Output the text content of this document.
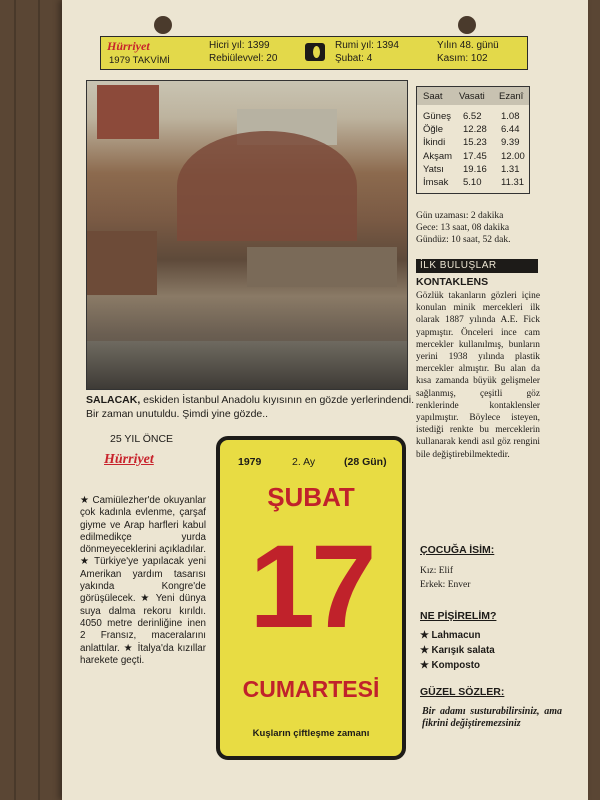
Hürriyet
1979 TAKVİMİ
Hicri yıl: 1399
Rebiülevvel: 20
Rumi yıl: 1394
Şubat: 4
Yılın 48. günü
Kasım: 102
SALACAK, eskiden İstanbul Anadolu kıyısının en gözde yerlerindendi. Bir zaman unutuldu. Şimdi yine gözde..
Saat Vasati Ezanî
Güneş 6.52 1.08
Öğle 12.28 6.44
İkindi 15.23 9.39
Akşam 17.45 12.00
Yatsı 19.16 1.31
İmsak 5.10 11.31
Gün uzaması: 2 dakika
Gece: 13 saat, 08 dakika
Gündüz: 10 saat, 52 dak.
İLK BULUŞLAR
KONTAKLENS
Gözlük takanların gözleri içine konulan minik mercekleri ilk olarak 1887 yılında A.E. Fick yapmıştır. Önceleri ince cam mercekler kullanılmış, bunların yerini 1938 yılında plastik mercekler almıştır. Bu alan da kısa zamanda büyük gelişmeler sağlanmış, çeşitli göz renklerinde kontaklensler yapılmıştır. Böylece isteyen, istediği renkte bu merceklerin kullanarak kendi asıl göz rengini bile değiştirebilmektedir.
ÇOCUĞA İSİM:
Kız: Elif
Erkek: Enver
NE PİŞİRELİM?
★ Lahmacun
★ Karışık salata
★ Komposto
GÜZEL SÖZLER:
Bir adamı susturabilirsiniz, ama fikrini değiştiremezsiniz
25 YIL ÖNCE
Hürriyet
★ Camiülezher'de okuyanlar çok kadınla evlenme, çarşaf giyme ve Arap harfleri kabul edilmedikçe yurda dönmeyeceklerini açıkladılar. ★ Türkiye'ye yapılacak yeni Amerikan yardım tasarısı yakında Kongre'de görüşülecek. ★ Yeni dünya suya dalma rekoru kırıldı. 4050 metre derinliğine inen 2 Fransız, maceralarını anlattılar. ★ İtalya'da kızıllar harekete geçti.
1979	2. Ay	(28 Gün)
ŞUBAT
17
CUMARTESİ
Kuşların çiftleşme zamanı
